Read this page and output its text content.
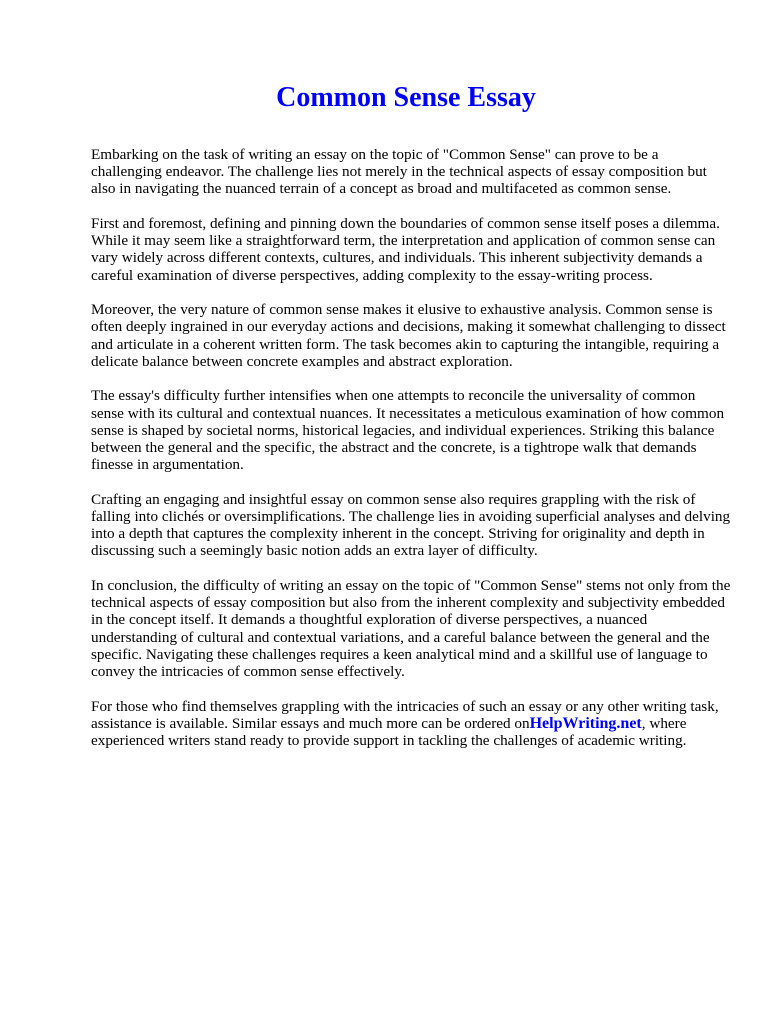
Common Sense Essay

Embarking on the task of writing an essay on the topic of "Common Sense" can prove to be a challenging endeavor. The challenge lies not merely in the technical aspects of essay composition but also in navigating the nuanced terrain of a concept as broad and multifaceted as common sense.

First and foremost, defining and pinning down the boundaries of common sense itself poses a dilemma. While it may seem like a straightforward term, the interpretation and application of common sense can vary widely across different contexts, cultures, and individuals. This inherent subjectivity demands a careful examination of diverse perspectives, adding complexity to the essay-writing process.

Moreover, the very nature of common sense makes it elusive to exhaustive analysis. Common sense is often deeply ingrained in our everyday actions and decisions, making it somewhat challenging to dissect and articulate in a coherent written form. The task becomes akin to capturing the intangible, requiring a delicate balance between concrete examples and abstract exploration.

The essay's difficulty further intensifies when one attempts to reconcile the universality of common sense with its cultural and contextual nuances. It necessitates a meticulous examination of how common sense is shaped by societal norms, historical legacies, and individual experiences. Striking this balance between the general and the specific, the abstract and the concrete, is a tightrope walk that demands finesse in argumentation.

Crafting an engaging and insightful essay on common sense also requires grappling with the risk of falling into clichés or oversimplifications. The challenge lies in avoiding superficial analyses and delving into a depth that captures the complexity inherent in the concept. Striving for originality and depth in discussing such a seemingly basic notion adds an extra layer of difficulty.

In conclusion, the difficulty of writing an essay on the topic of "Common Sense" stems not only from the technical aspects of essay composition but also from the inherent complexity and subjectivity embedded in the concept itself. It demands a thoughtful exploration of diverse perspectives, a nuanced understanding of cultural and contextual variations, and a careful balance between the general and the specific. Navigating these challenges requires a keen analytical mind and a skillful use of language to convey the intricacies of common sense effectively.

For those who find themselves grappling with the intricacies of such an essay or any other writing task, assistance is available. Similar essays and much more can be ordered onHelpWriting.net, where experienced writers stand ready to provide support in tackling the challenges of academic writing.
